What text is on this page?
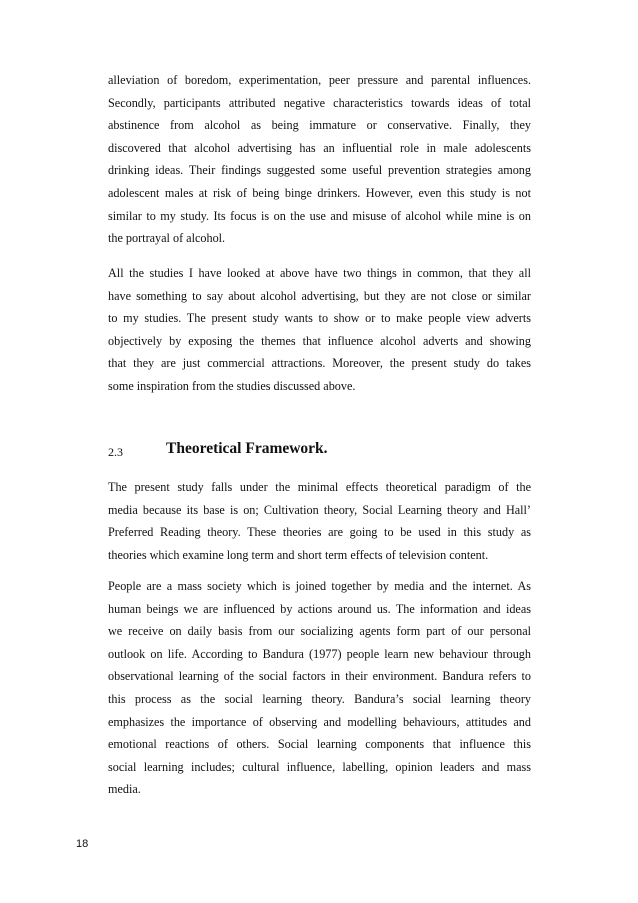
alleviation of boredom, experimentation, peer pressure and parental influences.
Secondly, participants attributed negative characteristics towards ideas of total
abstinence from alcohol as being immature or conservative. Finally, they
discovered that alcohol advertising has an influential role in male adolescents
drinking ideas. Their findings suggested some useful prevention strategies among
adolescent males at risk of being binge drinkers. However, even this study is not
similar to my study. Its focus is on the use and misuse of alcohol while mine is on
the portrayal of alcohol.
All the studies I have looked at above have two things in common, that they all
have something to say about alcohol advertising, but they are not close or similar
to my studies. The present study wants to show or to make people view adverts
objectively by exposing the themes that influence alcohol adverts and showing
that they are just commercial attractions. Moreover, the present study do takes
some inspiration from the studies discussed above.
2.3	Theoretical Framework.
The present study falls under the minimal effects theoretical paradigm of the
media because its base is on; Cultivation theory, Social Learning theory and Hall’
Preferred Reading theory. These theories are going to be used in this study as
theories which examine long term and short term effects of television content.
People are a mass society which is joined together by media and the internet. As
human beings we are influenced by actions around us. The information and ideas
we receive on daily basis from our socializing agents form part of our personal
outlook on life. According to Bandura (1977) people learn new behaviour through
observational learning of the social factors in their environment. Bandura refers to
this process as the social learning theory. Bandura’s social learning theory
emphasizes the importance of observing and modelling behaviours, attitudes and
emotional reactions of others. Social learning components that influence this
social learning includes; cultural influence, labelling, opinion leaders and mass
media.
18
